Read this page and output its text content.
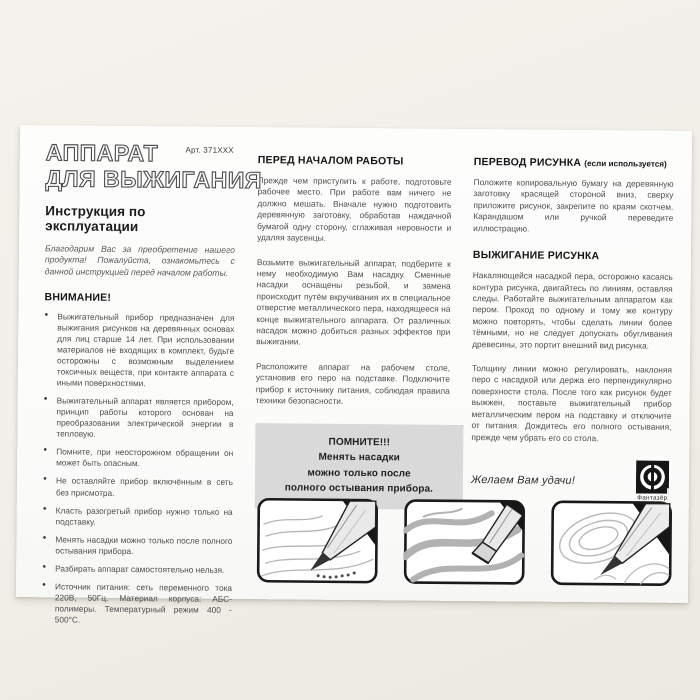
Арт. 371XXX
АППАРАТ
ДЛЯ ВЫЖИГАНИЯ
Инструкция по эксплуатации

Благодарим Вас за преобретение нашего продукта! Пожалуйста, ознакомьтесь с данной инструкцией перед началом работы.

ВНИМАНИЕ!
● Выжигательный прибор предназначен для выжигания рисунков на деревянных основах для лиц старше 14 лет. При использовании материалов не входящих в комплект, будьте осторожны с возможным выделением токсичных веществ, при контакте аппарата с иными поверхностями.
● Выжигательный аппарат является прибором, принцип работы которого основан на преобразовании электрической энергии в тепловую.
● Помните, при неосторожном обращении он может быть опасным.
● Не оставляйте прибор включённым в сеть без присмотра.
● Класть разогретый прибор нужно только на подставку.
● Менять насадки можно только после полного остывания прибора.
● Разбирать аппарат самостоятельно нельзя.
● Источник питания: сеть переменного тока 220В, 50Гц. Материал корпуса: АБС-полимеры. Температурный режим 400 - 500°С.
ПЕРЕД НАЧАЛОМ РАБОТЫ

Прежде чем приступить к работе, подготовьте рабочее место. При работе вам ничего не должно мешать. Вначале нужно подготовить деревянную заготовку, обработав наждачной бумагой одну сторону, сглаживая неровности и удаляя заусенцы.

Возьмите выжигательный аппарат, подберите к нему необходимую Вам насадку. Сменные насадки оснащены резьбой, и замена происходит путём вкручивания их в специальное отверстие металлического пера, находящееся на конце выжигательного аппарата. От различных насадок можно добиться разных эффектов при выжигании.

Расположите аппарат на рабочем столе, установив его перо на подставке. Подключите прибор к источнику питания, соблюдая правила техники безопасности.

ПОМНИТЕ!!!
Менять насадки
можно только после
полного остывания прибора.
ПЕРЕВОД РИСУНКА (если используется)

Положите копировальную бумагу на деревянную заготовку красящей стороной вниз, сверху приложите рисунок, закрепите по краям скотчем. Карандашом или ручкой переведите иллюстрацию.

ВЫЖИГАНИЕ РИСУНКА

Накаляющейся насадкой пера, осторожно касаясь контура рисунка, двигайтесь по линиям, оставляя следы. Работайте выжигательным аппаратом как пером. Проход по одному и тому же контуру можно повторять, чтобы сделать линии более тёмными, но не следует допускать обугливания древесины, это портит внешний вид рисунка.

Толщину линии можно регулировать, наклоняя перо с насадкой или держа его перпендикулярно поверхности стола. После того как рисунок будет выжжен, поставьте выжигательный прибор металлическим пером на подставку и отключите от питания. Дождитесь его полного остывания, прежде чем убрать его со стола.

Желаем Вам удачи!
Фантазёр
